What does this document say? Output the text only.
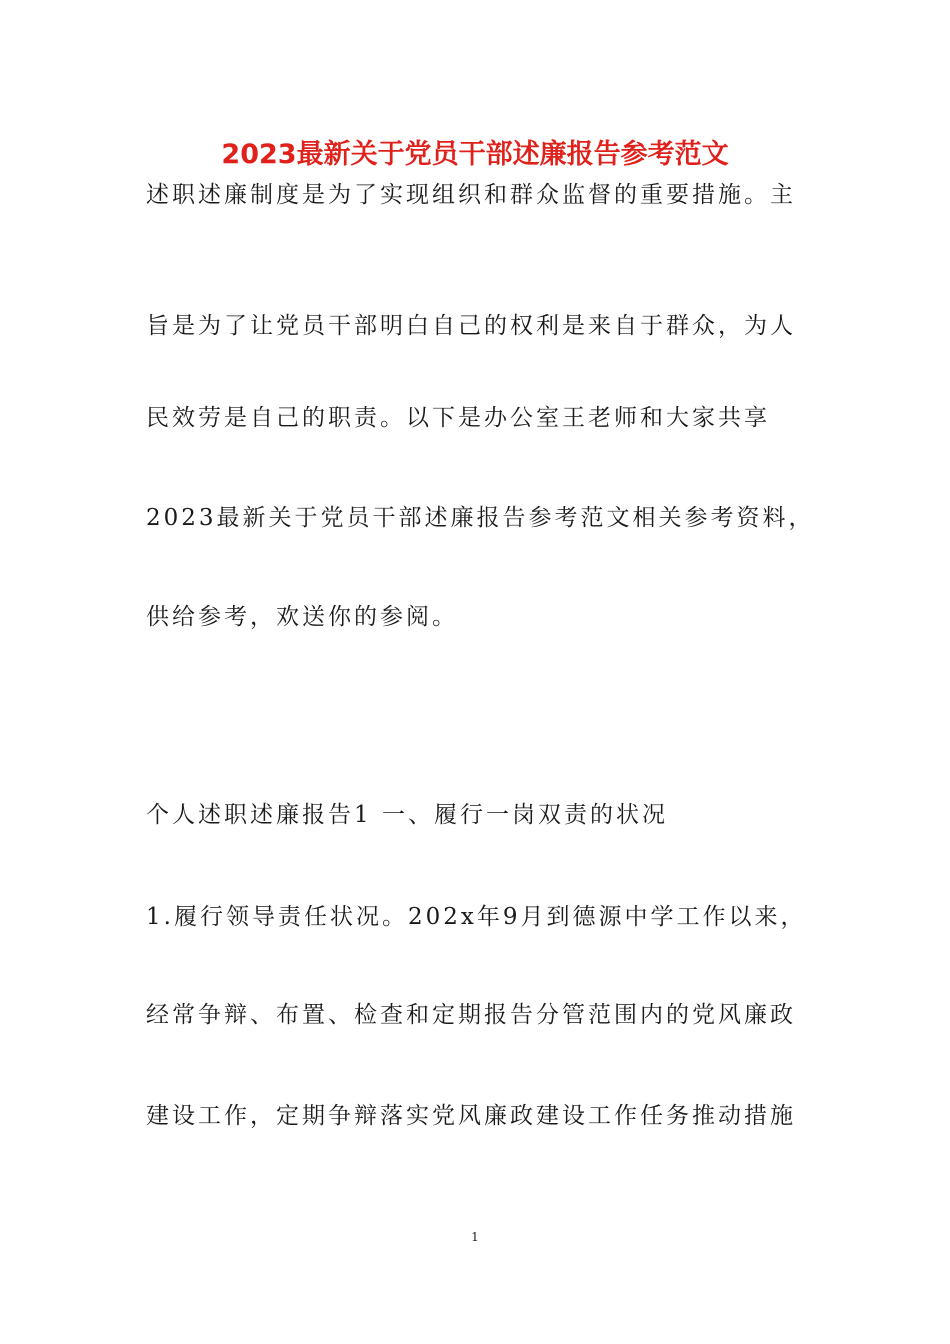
2023最新关于党员干部述廉报告参考范文
述职述廉制度是为了实现组织和群众监督的重要措施。主
旨是为了让党员干部明白自己的权利是来自于群众，为人
民效劳是自己的职责。以下是办公室王老师和大家共享
2023最新关于党员干部述廉报告参考范文相关参考资料，
供给参考，欢送你的参阅。
个人述职述廉报告1 一、履行一岗双责的状况
1.履行领导责任状况。202x年9月到德源中学工作以来，
经常争辩、布置、检查和定期报告分管范围内的党风廉政
建设工作，定期争辩落实党风廉政建设工作任务推动措施
1
